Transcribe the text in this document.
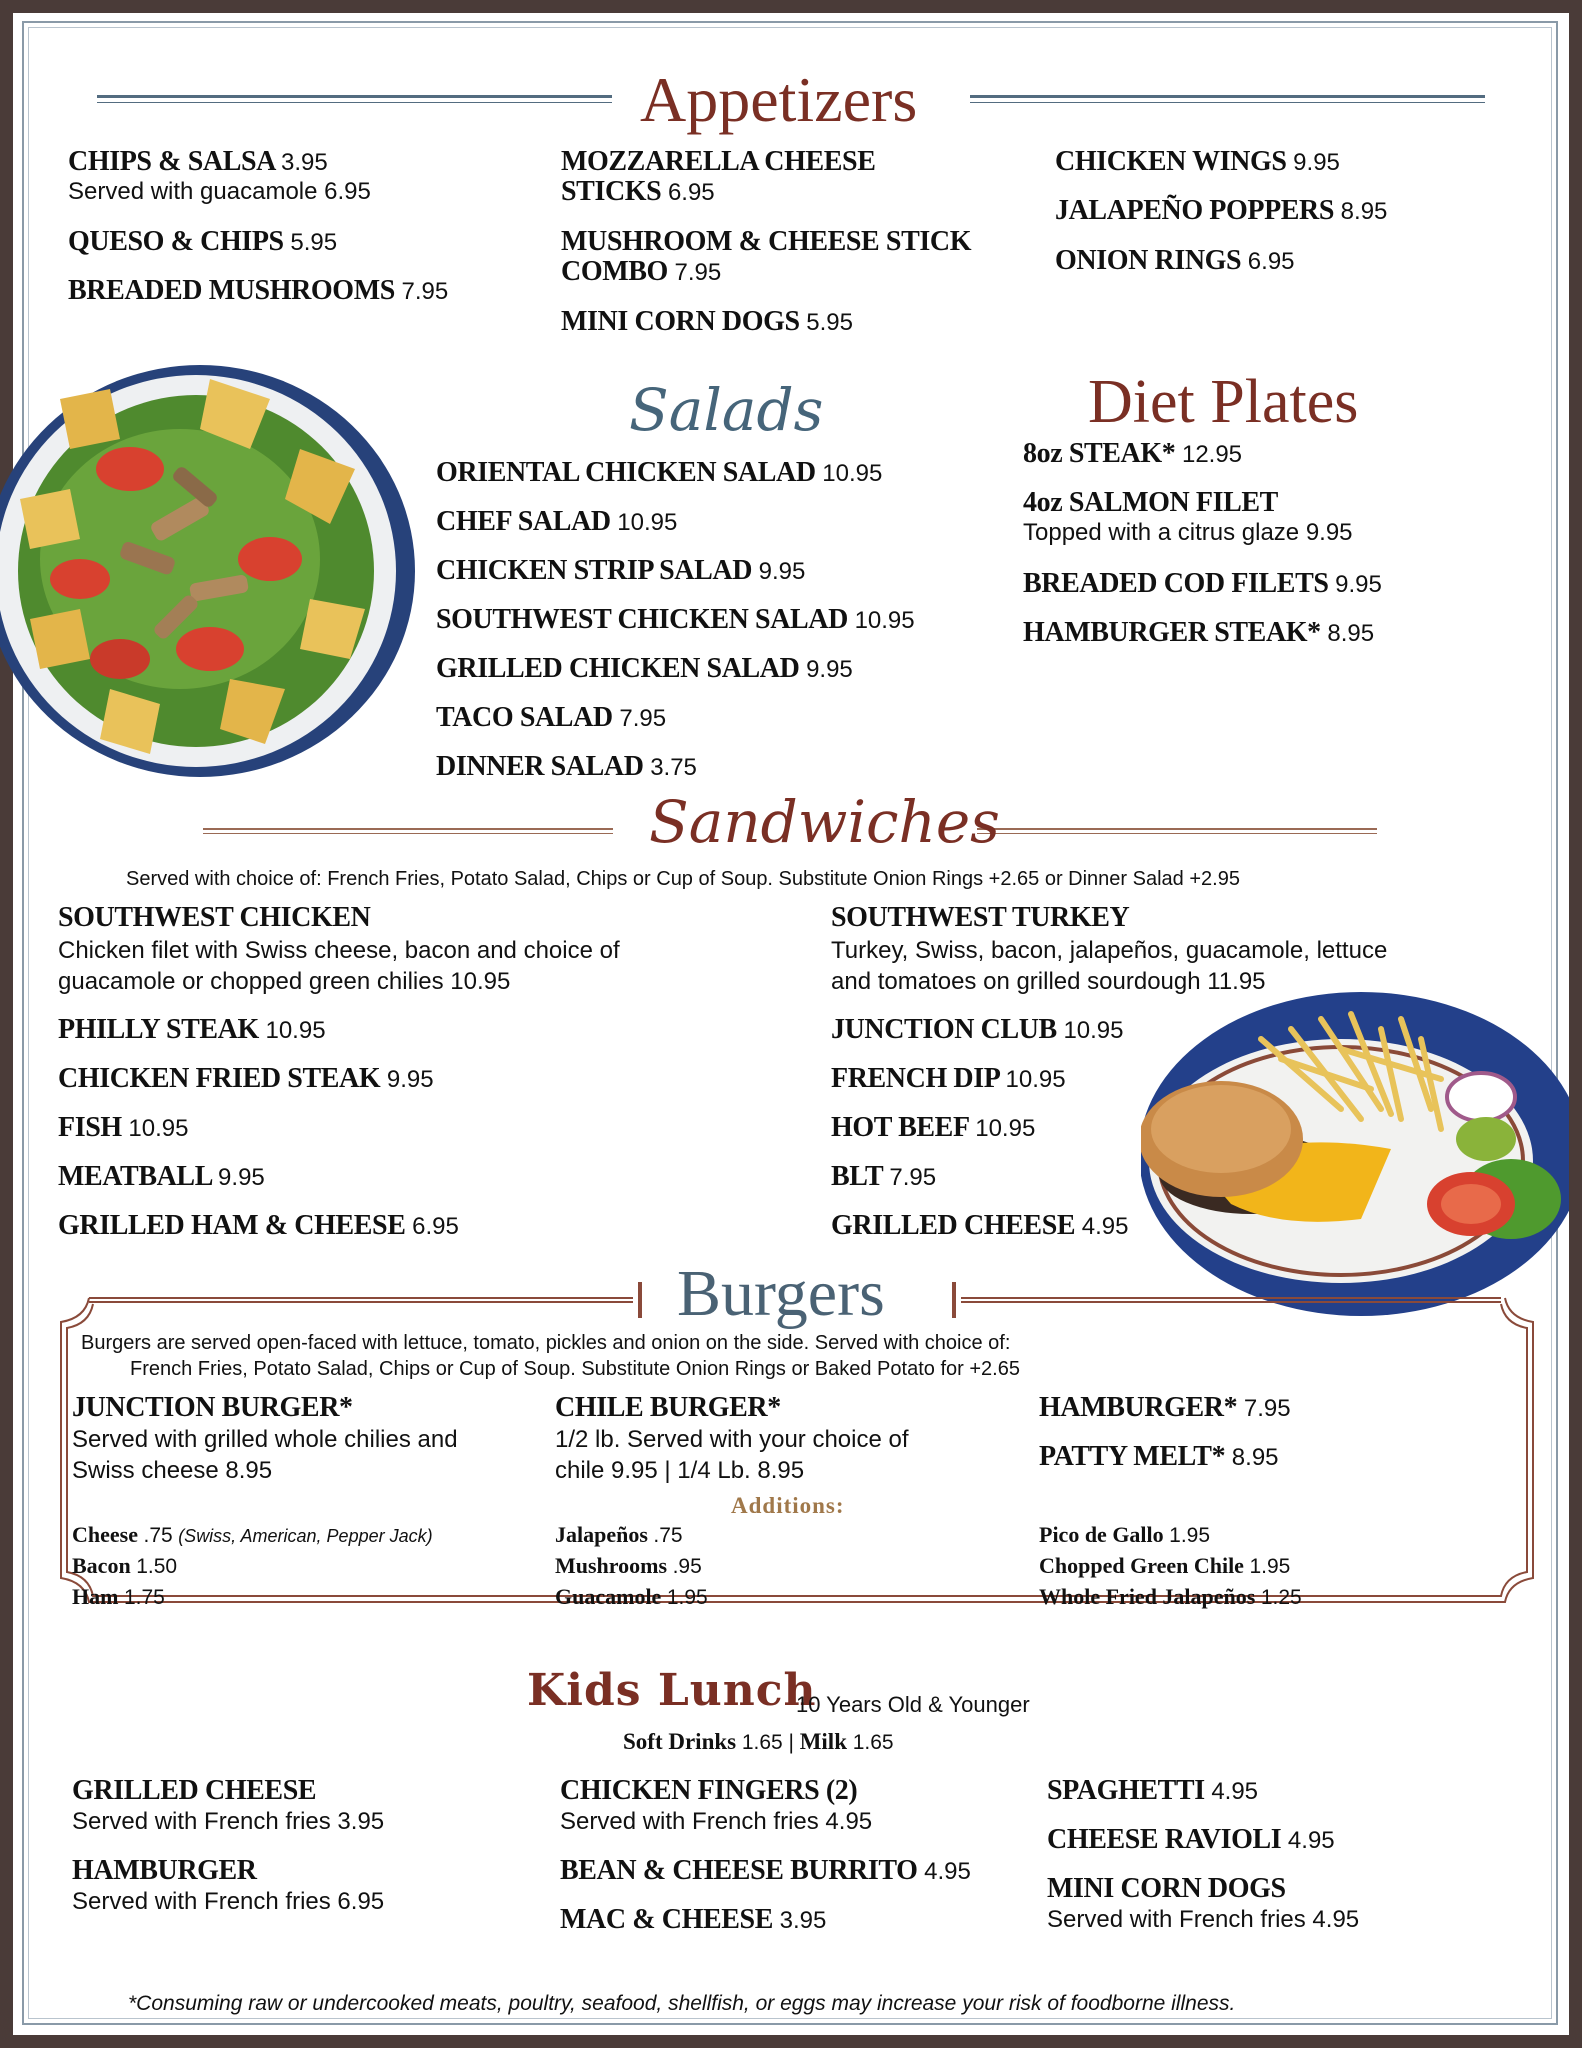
Appetizers
CHIPS & SALSA 3.95
Served with guacamole 6.95
QUESO & CHIPS 5.95
BREADED MUSHROOMS 7.95
MOZZARELLA CHEESE
STICKS 6.95
MUSHROOM & CHEESE STICK
COMBO 7.95
MINI CORN DOGS 5.95
CHICKEN WINGS 9.95
JALAPEÑO POPPERS 8.95
ONION RINGS 6.95
Salads
ORIENTAL CHICKEN SALAD 10.95
CHEF SALAD 10.95
CHICKEN STRIP SALAD 9.95
SOUTHWEST CHICKEN SALAD 10.95
GRILLED CHICKEN SALAD 9.95
TACO SALAD 7.95
DINNER SALAD 3.75
Diet Plates
8oz STEAK* 12.95
4oz SALMON FILET
Topped with a citrus glaze 9.95
BREADED COD FILETS 9.95
HAMBURGER STEAK* 8.95
Sandwiches
Served with choice of: French Fries, Potato Salad, Chips or Cup of Soup. Substitute Onion Rings +2.65 or Dinner Salad +2.95
SOUTHWEST CHICKEN
Chicken filet with Swiss cheese, bacon and choice of
guacamole or chopped green chilies 10.95
PHILLY STEAK 10.95
CHICKEN FRIED STEAK 9.95
FISH 10.95
MEATBALL 9.95
GRILLED HAM & CHEESE 6.95
SOUTHWEST TURKEY
Turkey, Swiss, bacon, jalapeños, guacamole, lettuce
and tomatoes on grilled sourdough 11.95
JUNCTION CLUB 10.95
FRENCH DIP 10.95
HOT BEEF 10.95
BLT 7.95
GRILLED CHEESE 4.95
Burgers
Burgers are served open-faced with lettuce, tomato, pickles and onion on the side. Served with choice of:
French Fries, Potato Salad, Chips or Cup of Soup. Substitute Onion Rings or Baked Potato for +2.65
JUNCTION BURGER*
Served with grilled whole chilies and
Swiss cheese 8.95
CHILE BURGER*
1/2 lb. Served with your choice of
chile 9.95 | 1/4 Lb. 8.95
HAMBURGER* 7.95
PATTY MELT* 8.95
Additions:
Cheese .75 (Swiss, American, Pepper Jack)
Bacon 1.50
Ham 1.75
Jalapeños .75
Mushrooms .95
Guacamole 1.95
Pico de Gallo 1.95
Chopped Green Chile 1.95
Whole Fried Jalapeños 1.25
Kids Lunch
10 Years Old & Younger
Soft Drinks 1.65 | Milk 1.65
GRILLED CHEESE
Served with French fries 3.95
HAMBURGER
Served with French fries 6.95
CHICKEN FINGERS (2)
Served with French fries 4.95
BEAN & CHEESE BURRITO 4.95
MAC & CHEESE 3.95
SPAGHETTI 4.95
CHEESE RAVIOLI 4.95
MINI CORN DOGS
Served with French fries 4.95
*Consuming raw or undercooked meats, poultry, seafood, shellfish, or eggs may increase your risk of foodborne illness.
